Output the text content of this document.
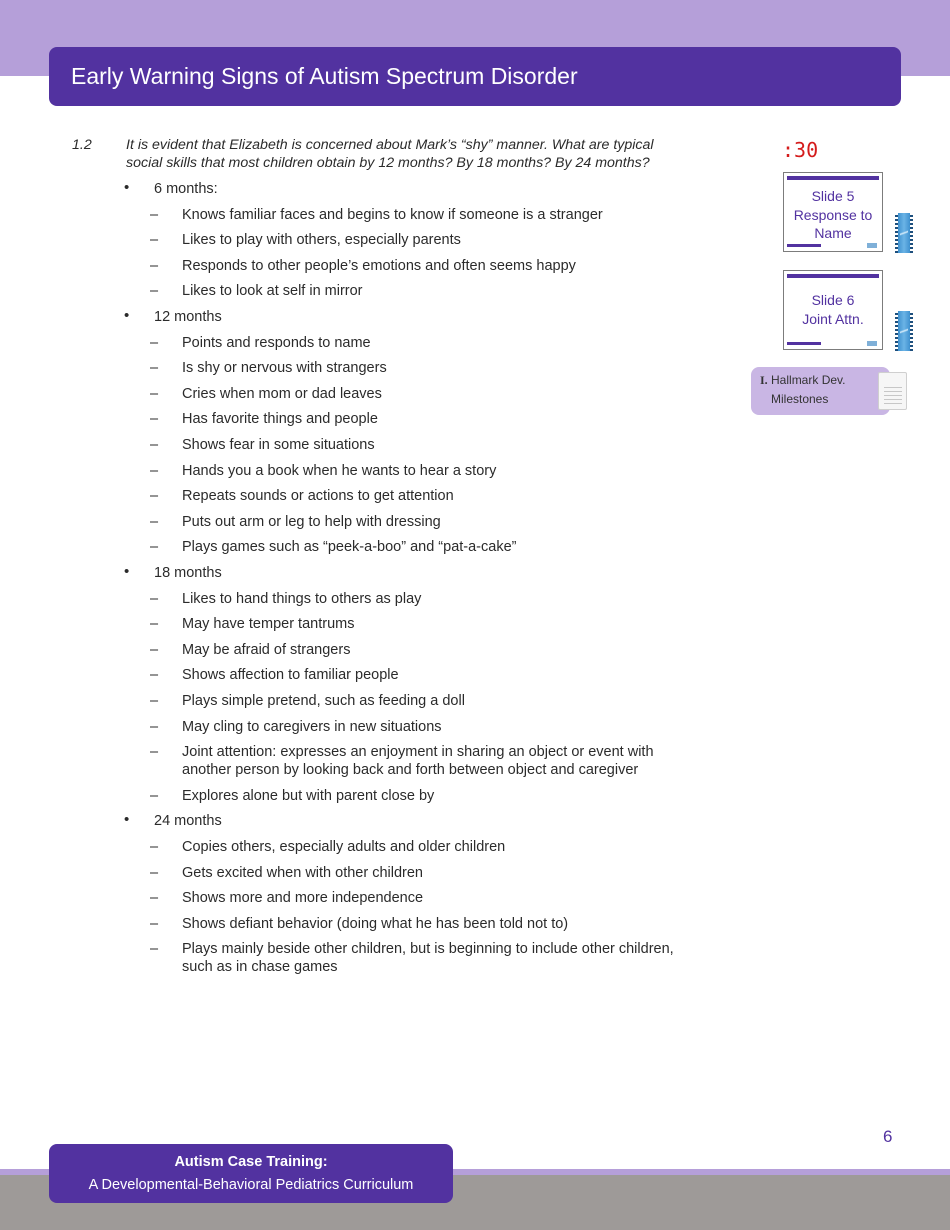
Early Warning Signs of Autism Spectrum Disorder
1.2 It is evident that Elizabeth is concerned about Mark’s “shy” manner. What are typical
social skills that most children obtain by 12 months? By 18 months? By 24 months?
• 6 months:
– Knows familiar faces and begins to know if someone is a stranger
– Likes to play with others, especially parents
– Responds to other people’s emotions and often seems happy
– Likes to look at self in mirror
• 12 months
– Points and responds to name
– Is shy or nervous with strangers
– Cries when mom or dad leaves
– Has favorite things and people
– Shows fear in some situations
– Hands you a book when he wants to hear a story
– Repeats sounds or actions to get attention
– Puts out arm or leg to help with dressing
– Plays games such as “peek-a-boo” and “pat-a-cake”
• 18 months
– Likes to hand things to others as play
– May have temper tantrums
– May be afraid of strangers
– Shows affection to familiar people
– Plays simple pretend, such as feeding a doll
– May cling to caregivers in new situations
– Joint attention: expresses an enjoyment in sharing an object or event with
another person by looking back and forth between object and caregiver
– Explores alone but with parent close by
• 24 months
– Copies others, especially adults and older children
– Gets excited when with other children
– Shows more and more independence
– Shows defiant behavior (doing what he has been told not to)
– Plays mainly beside other children, but is beginning to include other children,
such as in chase games
:30
Slide 5
Response to
Name
Slide 6
Joint Attn.
I. Hallmark Dev.
Milestones
6
Autism Case Training:
A Developmental-Behavioral Pediatrics Curriculum
